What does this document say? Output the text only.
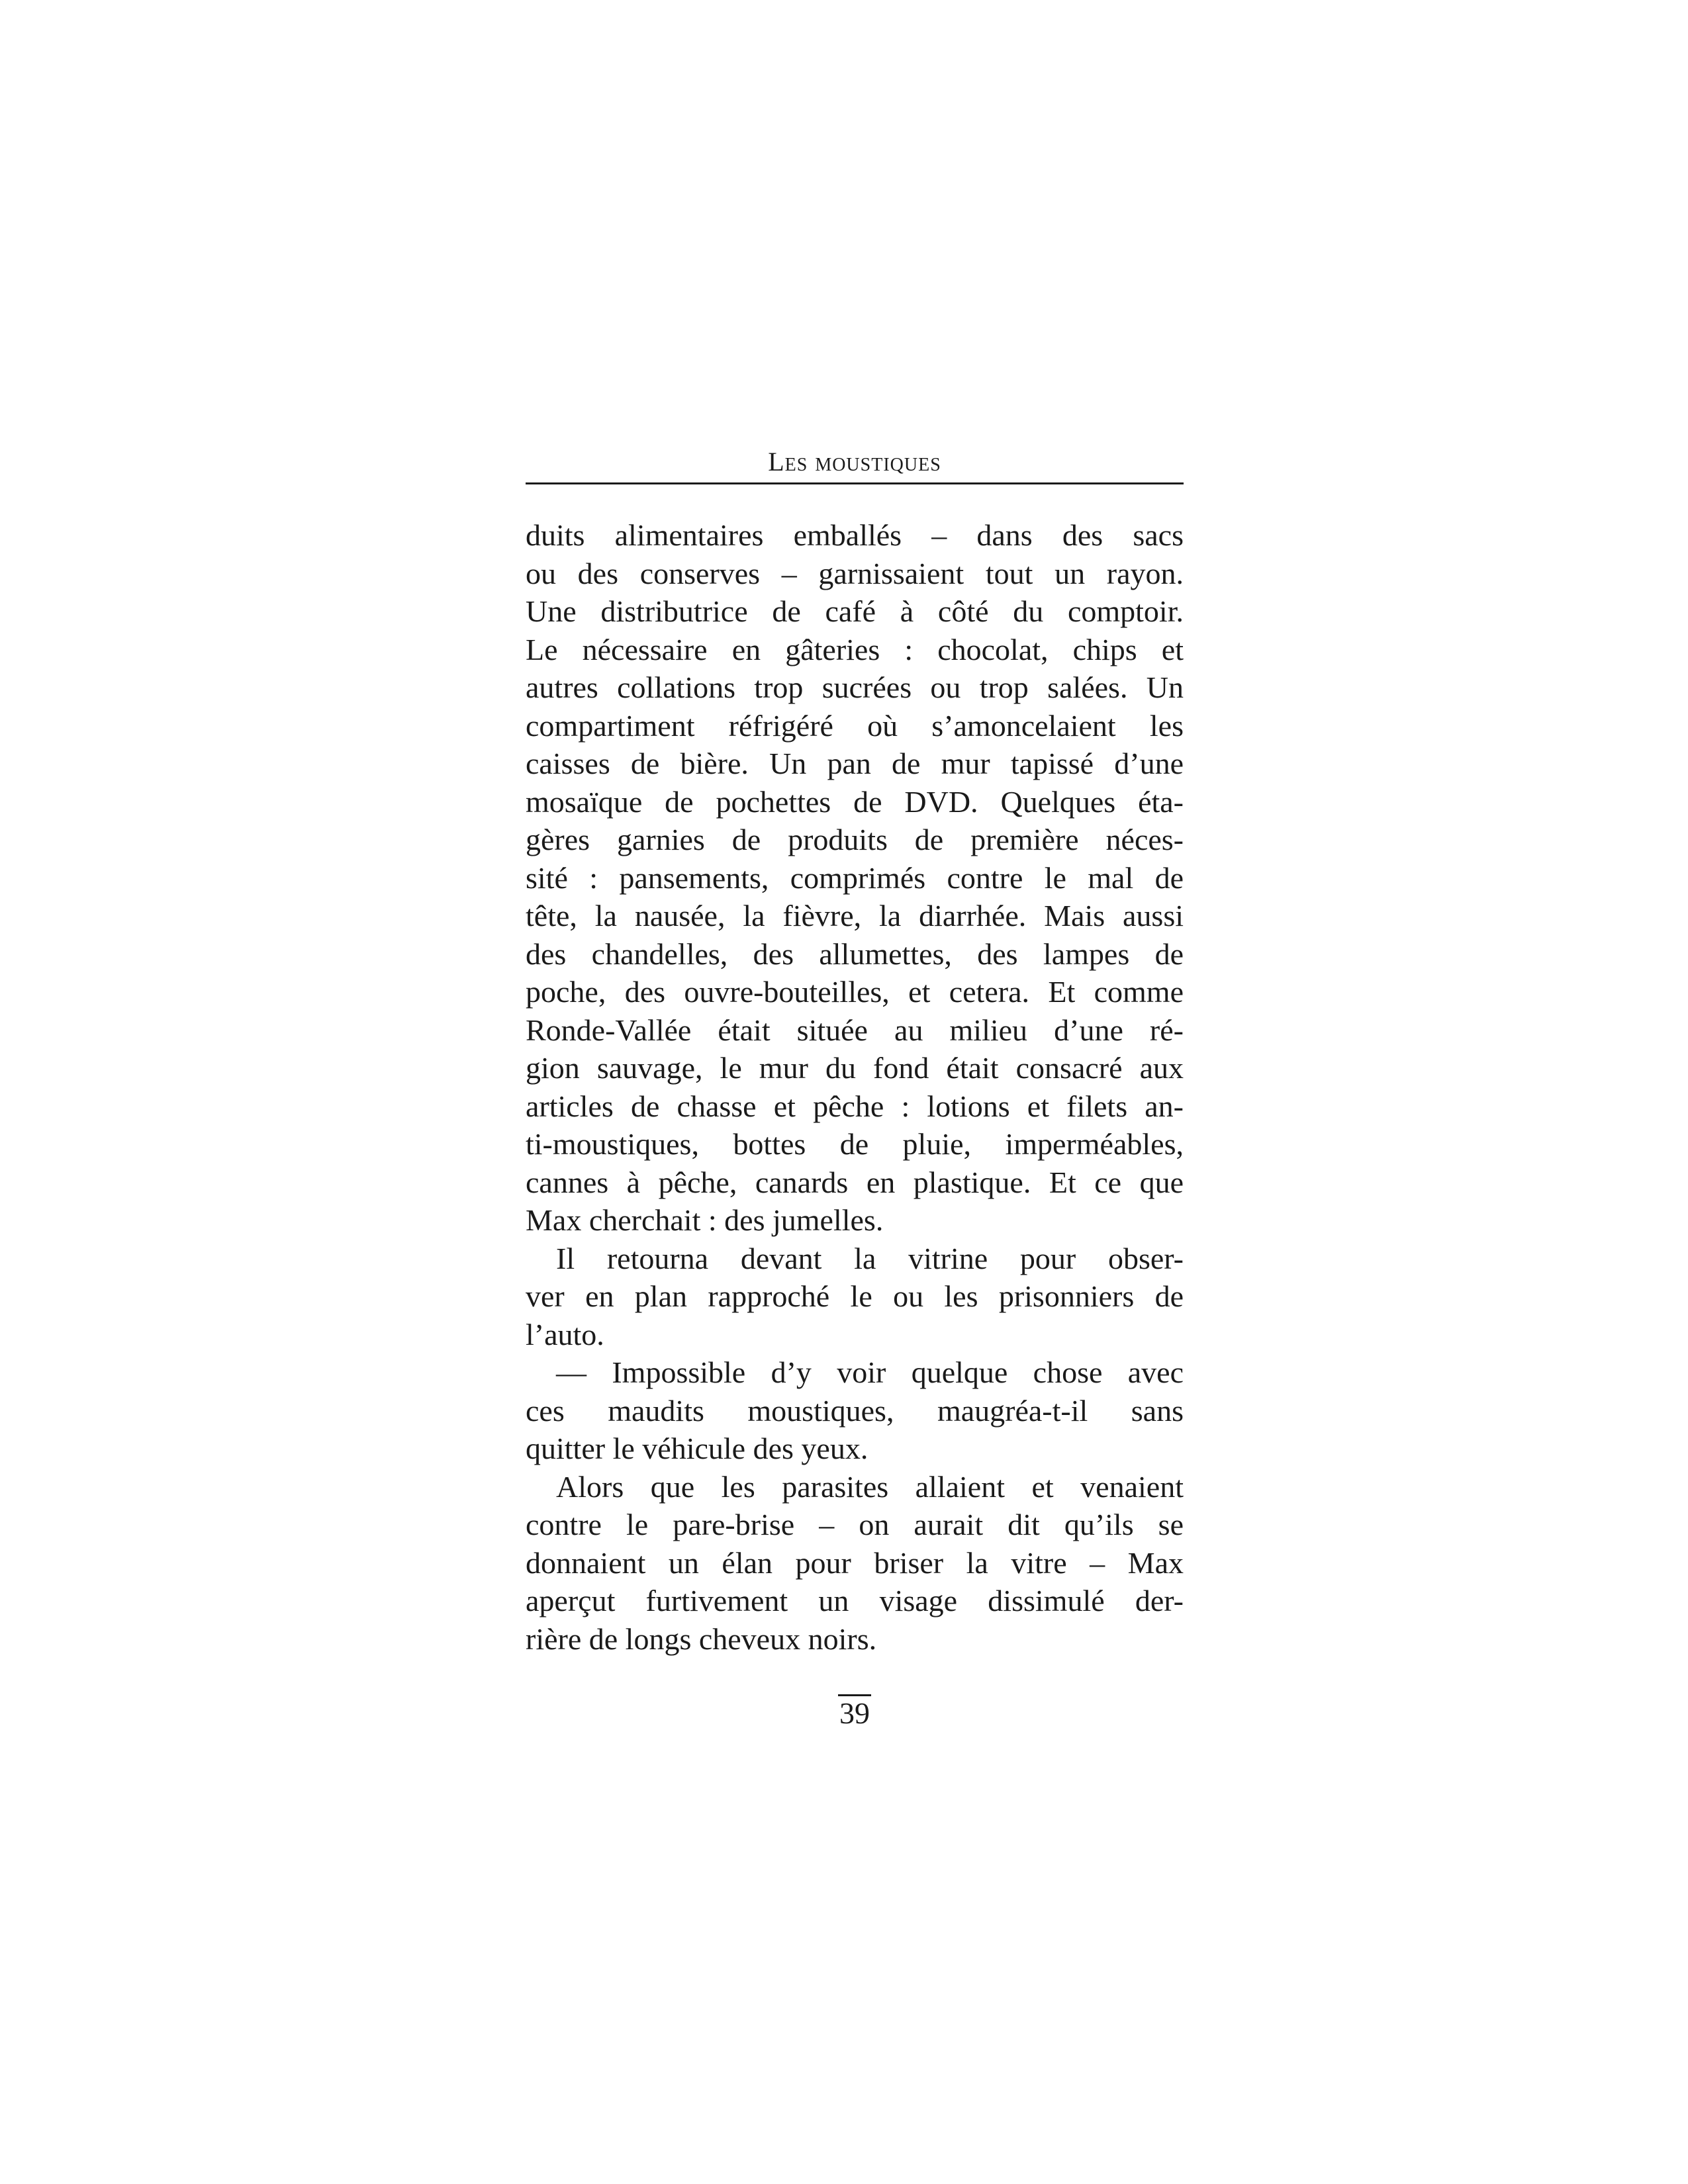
Les moustiques
duits alimentaires emballés – dans des sacs
ou des conserves – garnissaient tout un rayon.
Une distributrice de café à côté du comptoir.
Le nécessaire en gâteries : chocolat, chips et
autres collations trop sucrées ou trop salées. Un
compartiment réfrigéré où s’amoncelaient les
caisses de bière. Un pan de mur tapissé d’une
mosaïque de pochettes de DVD. Quelques éta-
gères garnies de produits de première néces-
sité : pansements, comprimés contre le mal de
tête, la nausée, la fièvre, la diarrhée. Mais aussi
des chandelles, des allumettes, des lampes de
poche, des ouvre-bouteilles, et cetera. Et comme
Ronde-Vallée était située au milieu d’une ré-
gion sauvage, le mur du fond était consacré aux
articles de chasse et pêche : lotions et filets an-
ti-moustiques, bottes de pluie, imperméables,
cannes à pêche, canards en plastique. Et ce que
Max cherchait : des jumelles.
Il retourna devant la vitrine pour obser-
ver en plan rapproché le ou les prisonniers de
l’auto.
— Impossible d’y voir quelque chose avec
ces maudits moustiques, maugréa-t-il sans
quitter le véhicule des yeux.
Alors que les parasites allaient et venaient
contre le pare-brise – on aurait dit qu’ils se
donnaient un élan pour briser la vitre – Max
aperçut furtivement un visage dissimulé der-
rière de longs cheveux noirs.
39
